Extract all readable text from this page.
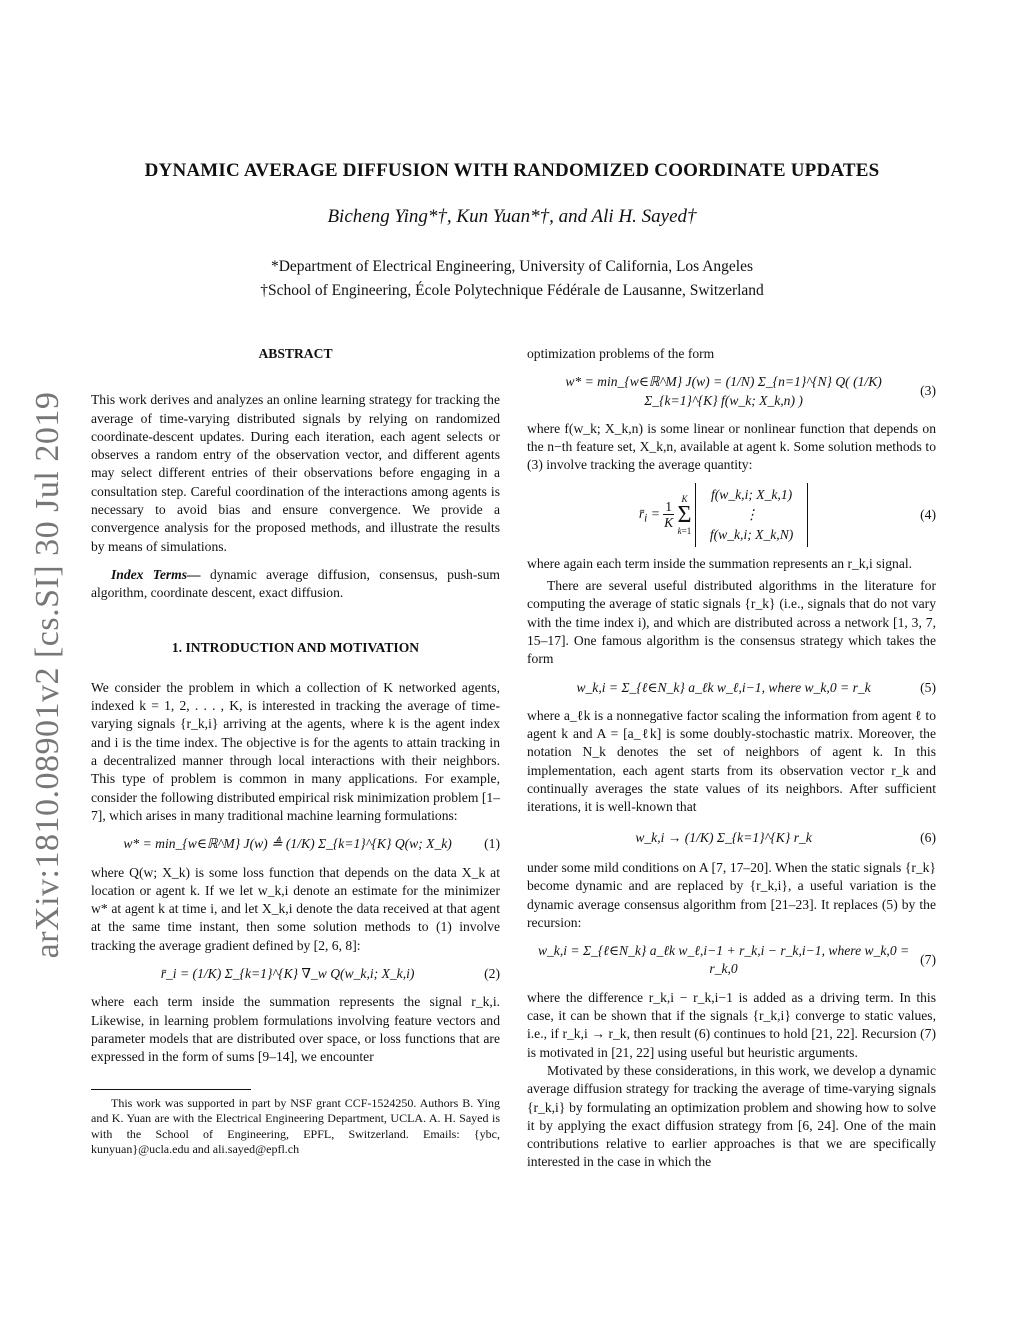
arXiv:1810.08901v2 [cs.SI] 30 Jul 2019
DYNAMIC AVERAGE DIFFUSION WITH RANDOMIZED COORDINATE UPDATES
Bicheng Ying*†, Kun Yuan*†, and Ali H. Sayed†
*Department of Electrical Engineering, University of California, Los Angeles
†School of Engineering, École Polytechnique Fédérale de Lausanne, Switzerland

ABSTRACT

This work derives and analyzes an online learning strategy for tracking the average of time-varying distributed signals by relying on randomized coordinate-descent updates. During each iteration, each agent selects or observes a random entry of the observation vector, and different agents may select different entries of their observations before engaging in a consultation step. Careful coordination of the interactions among agents is necessary to avoid bias and ensure convergence. We provide a convergence analysis for the proposed methods, and illustrate the results by means of simulations.

Index Terms— dynamic average diffusion, consensus, push-sum algorithm, coordinate descent, exact diffusion.

1. INTRODUCTION AND MOTIVATION

We consider the problem in which a collection of K networked agents, indexed k = 1, 2, . . . , K, is interested in tracking the average of time-varying signals {r_k,i} arriving at the agents, where k is the agent index and i is the time index. The objective is for the agents to attain tracking in a decentralized manner through local interactions with their neighbors. This type of problem is common in many applications. For example, consider the following distributed empirical risk minimization problem [1–7], which arises in many traditional machine learning formulations:

w* = min_{w∈ℝ^M} J(w) ≜ (1/K) Σ_{k=1}^{K} Q(w; X_k)	(1)

where Q(w; X_k) is some loss function that depends on the data X_k at location or agent k. If we let w_k,i denote an estimate for the minimizer w* at agent k at time i, and let X_k,i denote the data received at that agent at the same time instant, then some solution methods to (1) involve tracking the average gradient defined by [2, 6, 8]:

r̄_i = (1/K) Σ_{k=1}^{K} ∇_w Q(w_k,i; X_k,i)	(2)

where each term inside the summation represents the signal r_k,i. Likewise, in learning problem formulations involving feature vectors and parameter models that are distributed over space, or loss functions that are expressed in the form of sums [9–14], we encounter

This work was supported in part by NSF grant CCF-1524250. Authors B. Ying and K. Yuan are with the Electrical Engineering Department, UCLA. A. H. Sayed is with the School of Engineering, EPFL, Switzerland. Emails: {ybc, kunyuan}@ucla.edu and ali.sayed@epfl.ch

optimization problems of the form

w* = min_{w∈ℝ^M} J(w) = (1/N) Σ_{n=1}^{N} Q( (1/K) Σ_{k=1}^{K} f(w_k; X_k,n) )
(3)

where f(w_k; X_k,n) is some linear or nonlinear function that depends on the n−th feature set, X_k,n, available at agent k. Some solution methods to (3) involve tracking the average quantity:

$r̄_i = \frac{1}{K}$

K
Σ
k=1

f(w_k,i; X_k,1)
⋮
f(w_k,i; X_k,N)
(4)

where again each term inside the summation represents an r_k,i signal.

There are several useful distributed algorithms in the literature for computing the average of static signals {r_k} (i.e., signals that do not vary with the time index i), and which are distributed across a network [1, 3, 7, 15–17]. One famous algorithm is the consensus strategy which takes the form

w_k,i = Σ_{ℓ∈N_k} a_ℓk w_ℓ,i−1, where w_k,0 = r_k	(5)

where a_ℓk is a nonnegative factor scaling the information from agent ℓ to agent k and A = [a_ℓk] is some doubly-stochastic matrix. Moreover, the notation N_k denotes the set of neighbors of agent k. In this implementation, each agent starts from its observation vector r_k and continually averages the state values of its neighbors. After sufficient iterations, it is well-known that

w_k,i → (1/K) Σ_{k=1}^{K} r_k	(6)

under some mild conditions on A [7, 17–20]. When the static signals {r_k} become dynamic and are replaced by {r_k,i}, a useful variation is the dynamic average consensus algorithm from [21–23]. It replaces (5) by the recursion:

w_k,i = Σ_{ℓ∈N_k} a_ℓk w_ℓ,i−1 + r_k,i − r_k,i−1, where w_k,0 = r_k,0
(7)

where the difference r_k,i − r_k,i−1 is added as a driving term. In this case, it can be shown that if the signals {r_k,i} converge to static values, i.e., if r_k,i → r_k, then result (6) continues to hold [21, 22]. Recursion (7) is motivated in [21, 22] using useful but heuristic arguments.

Motivated by these considerations, in this work, we develop a dynamic average diffusion strategy for tracking the average of time-varying signals {r_k,i} by formulating an optimization problem and showing how to solve it by applying the exact diffusion strategy from [6, 24]. One of the main contributions relative to earlier approaches is that we are specifically interested in the case in which the
